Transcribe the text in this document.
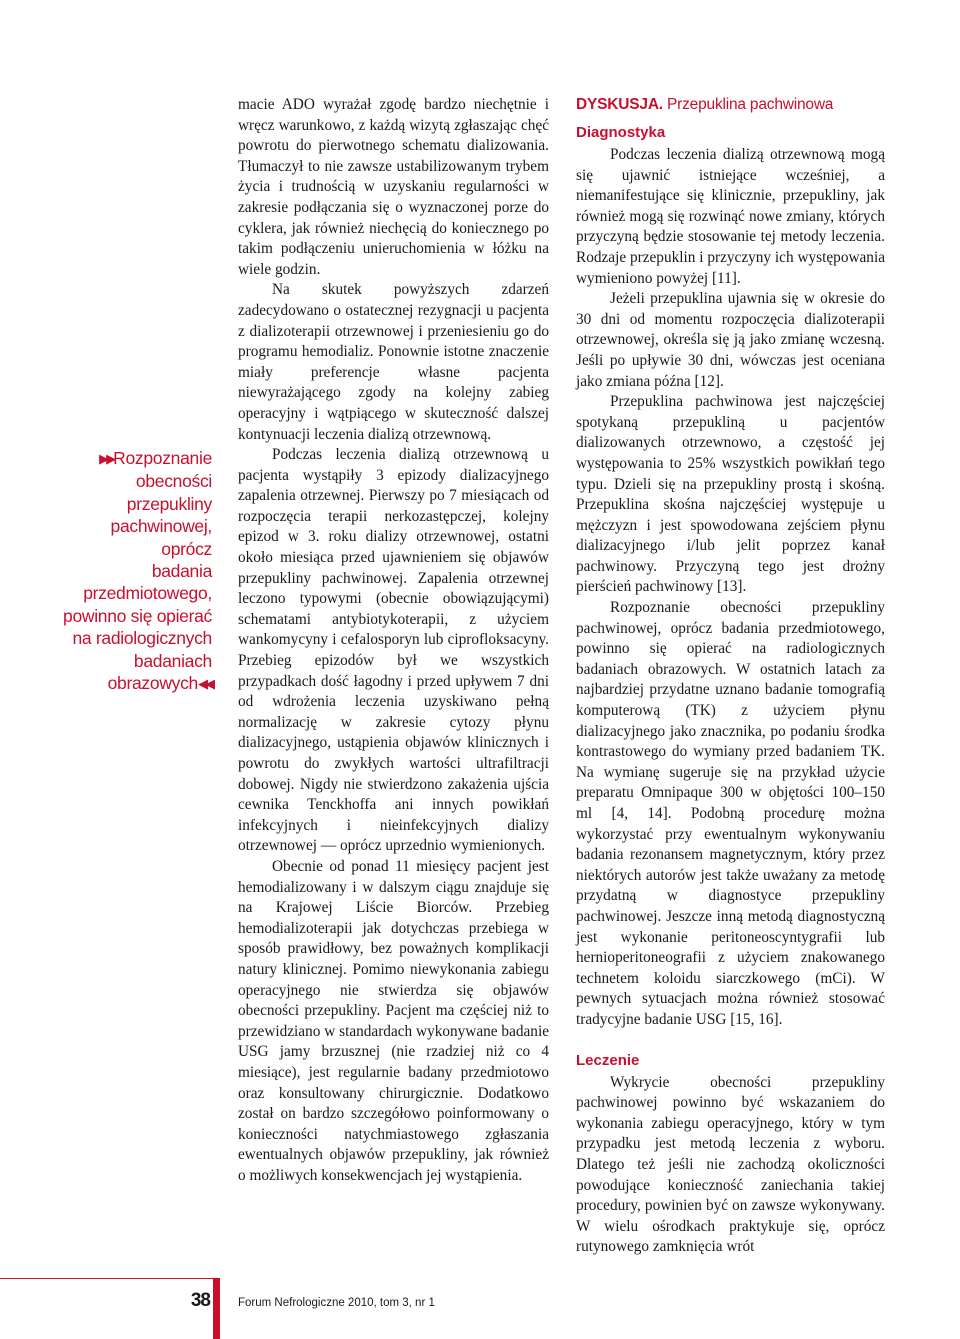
▶▶Rozpoznanie
obecności przepukliny
pachwinowej, oprócz
badania
przedmiotowego,
powinno się opierać
na radiologicznych
badaniach
obrazowych◀◀

macie ADO wyrażał zgodę bardzo niechętnie i wręcz warunkowo, z każdą wizytą zgłaszając chęć powrotu do pierwotnego schematu dializowania. Tłumaczył to nie zawsze ustabilizowanym trybem życia i trudnością w uzyskaniu regularności w zakresie podłączania się o wyznaczonej porze do cyklera, jak również niechęcią do koniecznego po takim podłączeniu unieruchomienia w łóżku na wiele godzin.

Na skutek powyższych zdarzeń zadecydowano o ostatecznej rezygnacji u pacjenta z dializoterapii otrzewnowej i przeniesieniu go do programu hemodializ. Ponownie istotne znaczenie miały preferencje własne pacjenta niewyrażającego zgody na kolejny zabieg operacyjny i wątpiącego w skuteczność dalszej kontynuacji leczenia dializą otrzewnową.

Podczas leczenia dializą otrzewnową u pacjenta wystąpiły 3 epizody dializacyjnego zapalenia otrzewnej. Pierwszy po 7 miesiącach od rozpoczęcia terapii nerkozastępczej, kolejny epizod w 3. roku dializy otrzewnowej, ostatni około miesiąca przed ujawnieniem się objawów przepukliny pachwinowej. Zapalenia otrzewnej leczono typowymi (obecnie obowiązującymi) schematami antybiotykoterapii, z użyciem wankomycyny i cefalosporyn lub ciprofloksacyny. Przebieg epizodów był we wszystkich przypadkach dość łagodny i przed upływem 7 dni od wdrożenia leczenia uzyskiwano pełną normalizację w zakresie cytozy płynu dializacyjnego, ustąpienia objawów klinicznych i powrotu do zwykłych wartości ultrafiltracji dobowej. Nigdy nie stwierdzono zakażenia ujścia cewnika Tenckhoffa ani innych powikłań infekcyjnych i nieinfekcyjnych dializy otrzewnowej — oprócz uprzednio wymienionych.

Obecnie od ponad 11 miesięcy pacjent jest hemodializowany i w dalszym ciągu znajduje się na Krajowej Liście Biorców. Przebieg hemodializoterapii jak dotychczas przebiega w sposób prawidłowy, bez poważnych komplikacji natury klinicznej. Pomimo niewykonania zabiegu operacyjnego nie stwierdza się objawów obecności przepukliny. Pacjent ma częściej niż to przewidziano w standardach wykonywane badanie USG jamy brzusznej (nie rzadziej niż co 4 miesiące), jest regularnie badany przedmiotowo oraz konsultowany chirurgicznie. Dodatkowo został on bardzo szczegółowo poinformowany o konieczności natychmiastowego zgłaszania ewentualnych objawów przepukliny, jak również o możliwych konsekwencjach jej wystąpienia.

DYSKUSJA. Przepuklina pachwinowa
Diagnostyka

Podczas leczenia dializą otrzewnową mogą się ujawnić istniejące wcześniej, a niemanifestujące się klinicznie, przepukliny, jak również mogą się rozwinąć nowe zmiany, których przyczyną będzie stosowanie tej metody leczenia. Rodzaje przepuklin i przyczyny ich występowania wymieniono powyżej [11].

Jeżeli przepuklina ujawnia się w okresie do 30 dni od momentu rozpoczęcia dializoterapii otrzewnowej, określa się ją jako zmianę wczesną. Jeśli po upływie 30 dni, wówczas jest oceniana jako zmiana późna [12].

Przepuklina pachwinowa jest najczęściej spotykaną przepukliną u pacjentów dializowanych otrzewnowo, a częstość jej występowania to 25% wszystkich powikłań tego typu. Dzieli się na przepukliny prostą i skośną. Przepuklina skośna najczęściej występuje u mężczyzn i jest spowodowana zejściem płynu dializacyjnego i/lub jelit poprzez kanał pachwinowy. Przyczyną tego jest drożny pierścień pachwinowy [13].

Rozpoznanie obecności przepukliny pachwinowej, oprócz badania przedmiotowego, powinno się opierać na radiologicznych badaniach obrazowych. W ostatnich latach za najbardziej przydatne uznano badanie tomografią komputerową (TK) z użyciem płynu dializacyjnego jako znacznika, po podaniu środka kontrastowego do wymiany przed badaniem TK. Na wymianę sugeruje się na przykład użycie preparatu Omnipaque 300 w objętości 100–150 ml [4, 14]. Podobną procedurę można wykorzystać przy ewentualnym wykonywaniu badania rezonansem magnetycznym, który przez niektórych autorów jest także uważany za metodę przydatną w diagnostyce przepukliny pachwinowej. Jeszcze inną metodą diagnostyczną jest wykonanie peritoneoscyntygrafii lub hernioperitoneografii z użyciem znakowanego technetem koloidu siarczkowego (mCi). W pewnych sytuacjach można również stosować tradycyjne badanie USG [15, 16].

Leczenie

Wykrycie obecności przepukliny pachwinowej powinno być wskazaniem do wykonania zabiegu operacyjnego, który w tym przypadku jest metodą leczenia z wyboru. Dlatego też jeśli nie zachodzą okoliczności powodujące konieczność zaniechania takiej procedury, powinien być on zawsze wykonywany. W wielu ośrodkach praktykuje się, oprócz rutynowego zamknięcia wrót

38 Forum Nefrologiczne 2010, tom 3, nr 1
